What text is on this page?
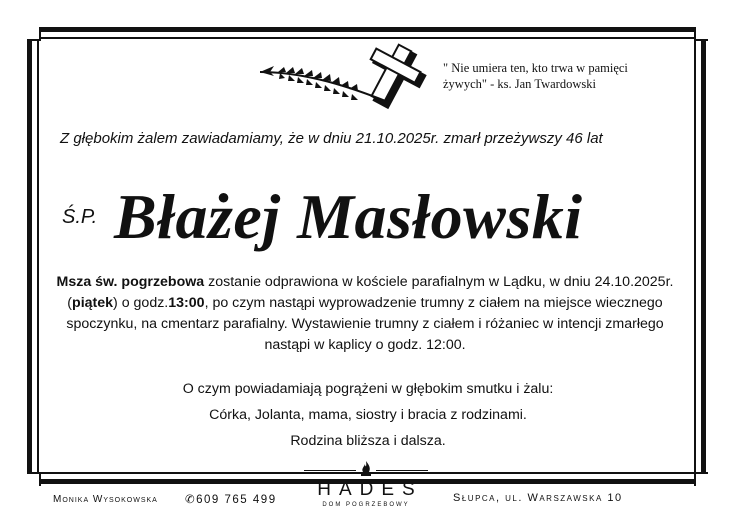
" Nie umiera ten, kto trwa w pamięci
żywych" - ks. Jan Twardowski
Z głębokim żalem zawiadamiamy, że w dniu 21.10.2025r. zmarł przeżywszy 46 lat
Ś.P. Błażej Masłowski
Msza św. pogrzebowa zostanie odprawiona w kościele parafialnym w Lądku, w dniu 24.10.2025r. (piątek) o godz.13:00, po czym nastąpi wyprowadzenie trumny z ciałem na miejsce wiecznego spoczynku, na cmentarz parafialny. Wystawienie trumny z ciałem i różaniec w intencji zmarłego nastąpi w kaplicy o godz. 12:00.
O czym powiadamiają pogrążeni w głębokim smutku i żalu:
Córka, Jolanta, mama, siostry i bracia z rodzinami.
Rodzina bliższa i dalsza.
Monika Wysokowska ✆609 765 499	HADES
DOM POGRZEBOWY
Słupca, ul. Warszawska 10
